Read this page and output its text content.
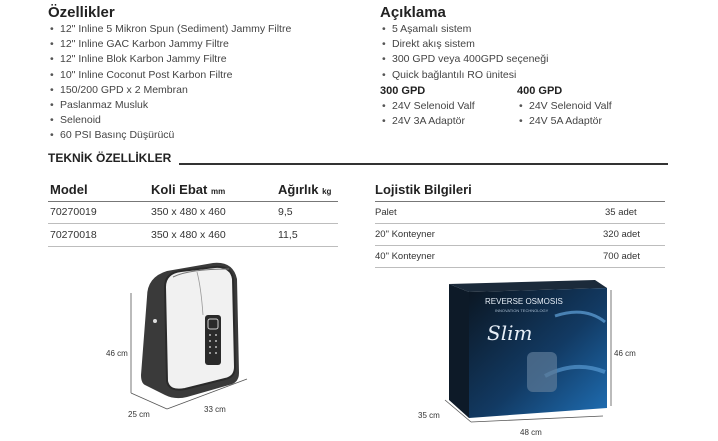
Özellikler
• 12" Inline 5 Mikron Spun (Sediment) Jammy Filtre
• 12" Inline GAC Karbon Jammy Filtre
• 12" Inline Blok Karbon Jammy Filtre
• 10" Inline Coconut Post Karbon Filtre
• 150/200 GPD x 2 Membran
• Paslanmaz Musluk
• Selenoid
• 60 PSI Basınç Düşürücü
Açıklama
• 5 Aşamalı sistem
• Direkt akış sistem
• 300 GPD veya 400GPD seçeneği
• Quick bağlantılı RO ünitesi
300 GPD
• 24V Selenoid Valf
• 24V 3A Adaptör
400 GPD
• 24V Selenoid Valf
• 24V 5A Adaptör
TEKNİK ÖZELLİKLER
Model	Koli Ebat mm	Ağırlık kg
70270019	350 x 480 x 460	9,5
70270018	350 x 480 x 460	11,5
Lojistik Bilgileri
Palet	35 adet
20" Konteyner	320 adet
40" Konteyner	700 adet
46 cm
25 cm
33 cm
REVERSE OSMOSIS
INNOVATION TECHNOLOGY
Slim
46 cm
35 cm
48 cm
